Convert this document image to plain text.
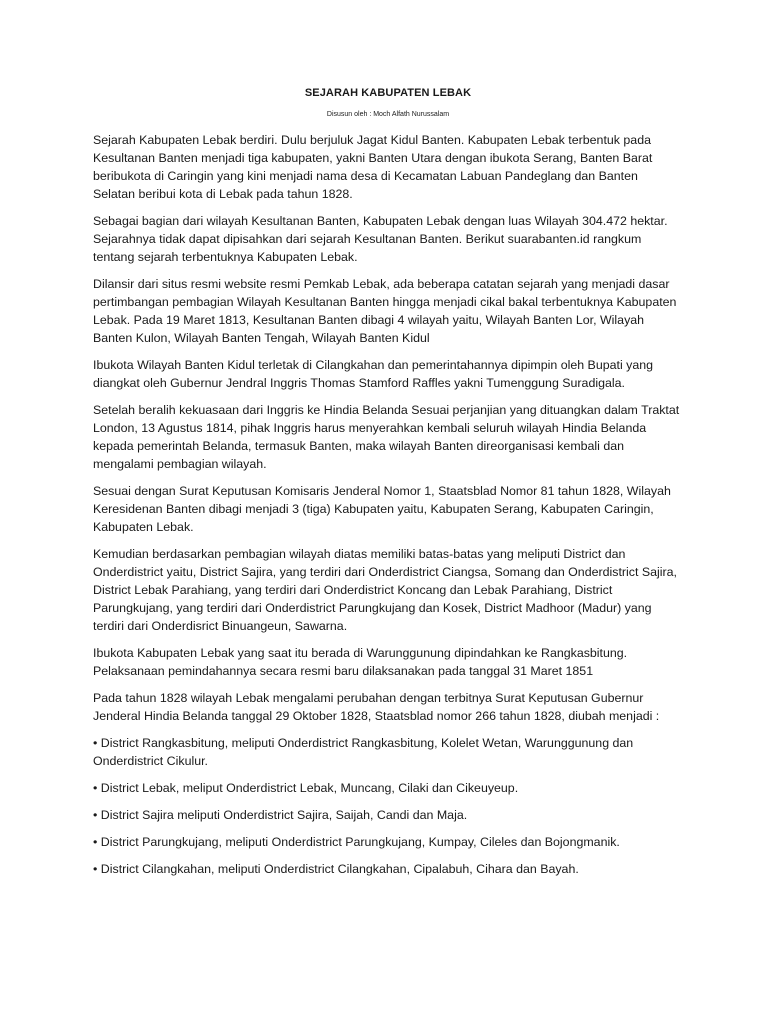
SEJARAH KABUPATEN LEBAK
Disusun oleh : Moch Alfath Nurussalam

Sejarah Kabupaten Lebak berdiri. Dulu berjuluk Jagat Kidul Banten. Kabupaten Lebak terbentuk pada Kesultanan Banten menjadi tiga kabupaten, yakni Banten Utara dengan ibukota Serang, Banten Barat beribukota di Caringin yang kini menjadi nama desa di Kecamatan Labuan Pandeglang dan Banten Selatan beribui kota di Lebak pada tahun 1828.

Sebagai bagian dari wilayah Kesultanan Banten, Kabupaten Lebak dengan luas Wilayah 304.472 hektar. Sejarahnya tidak dapat dipisahkan dari sejarah Kesultanan Banten. Berikut suarabanten.id rangkum tentang sejarah terbentuknya Kabupaten Lebak.

Dilansir dari situs resmi website resmi Pemkab Lebak, ada beberapa catatan sejarah yang menjadi dasar pertimbangan pembagian Wilayah Kesultanan Banten hingga menjadi cikal bakal terbentuknya Kabupaten Lebak. Pada 19 Maret 1813, Kesultanan Banten dibagi 4 wilayah yaitu, Wilayah Banten Lor, Wilayah Banten Kulon, Wilayah Banten Tengah, Wilayah Banten Kidul

Ibukota Wilayah Banten Kidul terletak di Cilangkahan dan pemerintahannya dipimpin oleh Bupati yang diangkat oleh Gubernur Jendral Inggris Thomas Stamford Raffles yakni Tumenggung Suradigala.

Setelah beralih kekuasaan dari Inggris ke Hindia Belanda Sesuai perjanjian yang dituangkan dalam Traktat London, 13 Agustus 1814, pihak Inggris harus menyerahkan kembali seluruh wilayah Hindia Belanda kepada pemerintah Belanda, termasuk Banten, maka wilayah Banten direorganisasi kembali dan mengalami pembagian wilayah.

Sesuai dengan Surat Keputusan Komisaris Jenderal Nomor 1, Staatsblad Nomor 81 tahun 1828, Wilayah Keresidenan Banten dibagi menjadi 3 (tiga) Kabupaten yaitu, Kabupaten Serang, Kabupaten Caringin, Kabupaten Lebak.

Kemudian berdasarkan pembagian wilayah diatas memiliki batas-batas yang meliputi District dan Onderdistrict yaitu, District Sajira, yang terdiri dari Onderdistrict Ciangsa, Somang dan Onderdistrict Sajira, District Lebak Parahiang, yang terdiri dari Onderdistrict Koncang dan Lebak Parahiang, District Parungkujang, yang terdiri dari Onderdistrict Parungkujang dan Kosek, District Madhoor (Madur) yang terdiri dari Onderdisrict Binuangeun, Sawarna.

Ibukota Kabupaten Lebak yang saat itu berada di Warunggunung dipindahkan ke Rangkasbitung. Pelaksanaan pemindahannya secara resmi baru dilaksanakan pada tanggal 31 Maret 1851

Pada tahun 1828 wilayah Lebak mengalami perubahan dengan terbitnya Surat Keputusan Gubernur Jenderal Hindia Belanda tanggal 29 Oktober 1828, Staatsblad nomor 266 tahun 1828, diubah menjadi :

• District Rangkasbitung, meliputi Onderdistrict Rangkasbitung, Kolelet Wetan, Warunggunung dan Onderdistrict Cikulur.

• District Lebak, meliput Onderdistrict Lebak, Muncang, Cilaki dan Cikeuyeup.

• District Sajira meliputi Onderdistrict Sajira, Saijah, Candi dan Maja.

• District Parungkujang, meliputi Onderdistrict Parungkujang, Kumpay, Cileles dan Bojongmanik.

• District Cilangkahan, meliputi Onderdistrict Cilangkahan, Cipalabuh, Cihara dan Bayah.
